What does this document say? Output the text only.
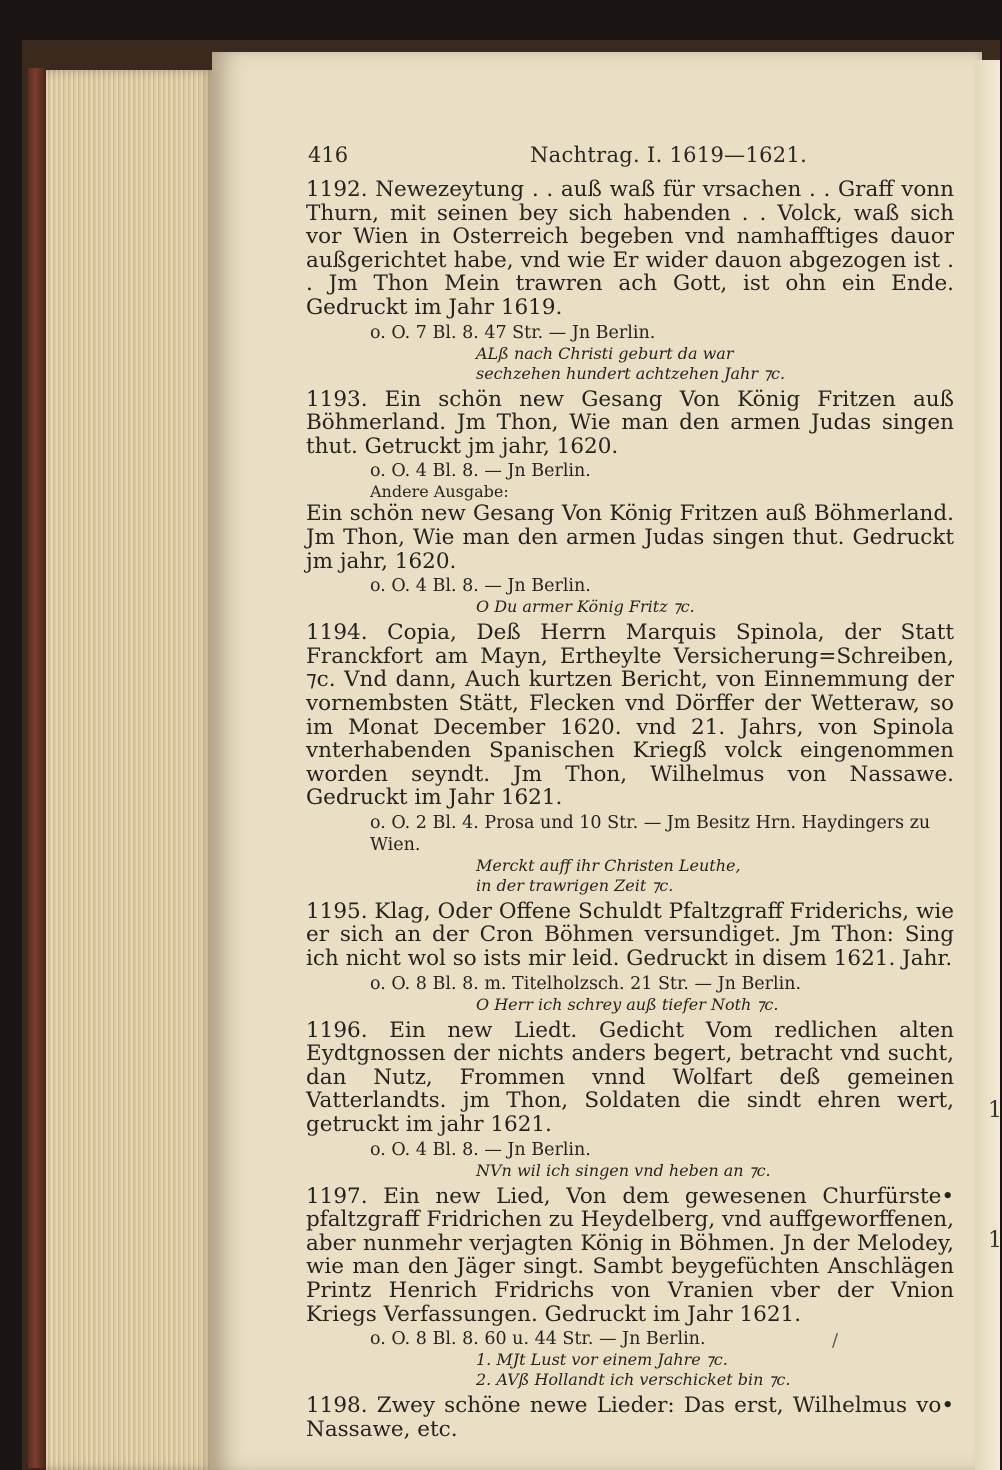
1
1
416	Nachtrag. I. 1619—1621.
1192. Newezeytung . . auß waß für vrsachen . . Graff vonn Thurn, mit seinen bey sich habenden . . Volck, waß sich vor Wien in Osterreich begeben vnd namhafftiges dauor außgerichtet habe, vnd wie Er wider dauon abgezogen ist . . Jm Thon Mein trawren ach Gott, ist ohn ein Ende. Gedruckt im Jahr 1619.
o. O. 7 Bl. 8. 47 Str. — Jn Berlin.
ALß nach Christi geburt da war
sechzehen hundert achtzehen Jahr ⁊c.
1193. Ein schön new Gesang Von König Fritzen auß Böhmerland. Jm Thon, Wie man den armen Judas singen thut. Getruckt jm jahr, 1620.
o. O. 4 Bl. 8. — Jn Berlin.
Andere Ausgabe:
Ein schön new Gesang Von König Fritzen auß Böhmerland. Jm Thon, Wie man den armen Judas singen thut. Gedruckt jm jahr, 1620.
o. O. 4 Bl. 8. — Jn Berlin.
O Du armer König Fritz ⁊c.
1194. Copia, Deß Herrn Marquis Spinola, der Statt Franckfort am Mayn, Ertheylte Versicherung=Schreiben, ⁊c. Vnd dann, Auch kurtzen Bericht, von Einnemmung der vornembsten Stätt, Flecken vnd Dörffer der Wetteraw, so im Monat December 1620. vnd 21. Jahrs, von Spinola vnterhabenden Spanischen Kriegß volck eingenommen worden seyndt. Jm Thon, Wilhelmus von Nassawe. Gedruckt im Jahr 1621.
o. O. 2 Bl. 4. Prosa und 10 Str. — Jm Besitz Hrn. Haydingers zu Wien.
Merckt auff ihr Christen Leuthe,
in der trawrigen Zeit ⁊c.
1195. Klag, Oder Offene Schuldt Pfaltzgraff Friderichs, wie er sich an der Cron Böhmen versundiget. Jm Thon: Sing ich nicht wol so ists mir leid. Gedruckt in disem 1621. Jahr.
o. O. 8 Bl. 8. m. Titelholzsch. 21 Str. — Jn Berlin.
O Herr ich schrey auß tiefer Noth ⁊c.
1196. Ein new Liedt. Gedicht Vom redlichen alten Eydtgnossen der nichts anders begert, betracht vnd sucht, dan Nutz, Frommen vnnd Wolfart deß gemeinen Vatterlandts. jm Thon, Soldaten die sindt ehren wert, getruckt im jahr 1621.
o. O. 4 Bl. 8. — Jn Berlin.
NVn wil ich singen vnd heben an ⁊c.
1197. Ein new Lied, Von dem gewesenen Churfürste• pfaltzgraff Fridrichen zu Heydelberg, vnd auffgeworffenen, aber nunmehr verjagten König in Böhmen. Jn der Melodey, wie man den Jäger singt. Sambt beygefüchten Anschlägen Printz Henrich Fridrichs von Vranien vber der Vnion Kriegs Verfassungen. Gedruckt im Jahr 1621.
o. O. 8 Bl. 8. 60 u. 44 Str. — Jn Berlin.
1. MJt Lust vor einem Jahre ⁊c.
2. AVß Hollandt ich verschicket bin ⁊c.
1198. Zwey schöne newe Lieder: Das erst, Wilhelmus vo• Nassawe, etc.
/
